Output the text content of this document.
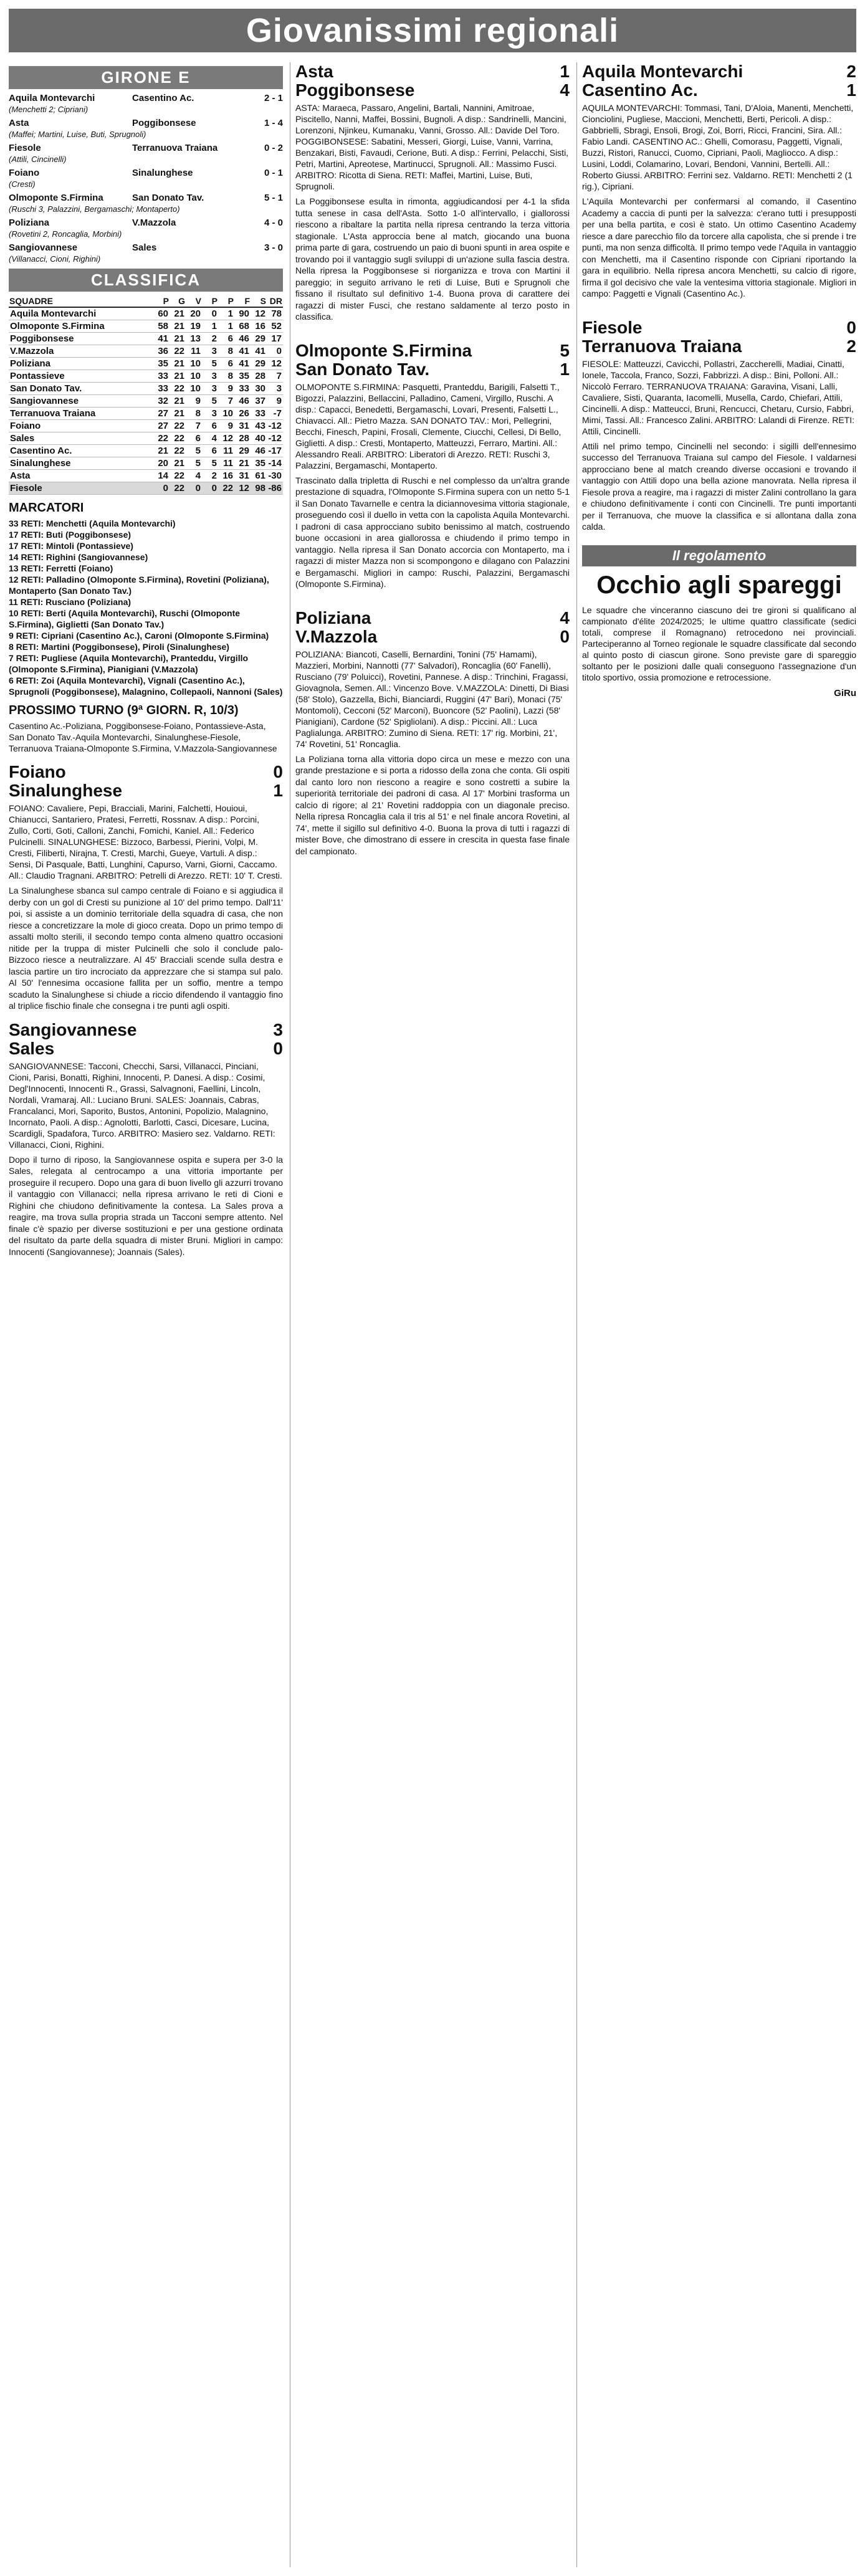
Giovanissimi regionali
GIRONE E
Aquila Montevarchi	Casentino Ac.	2 - 1
(Menchetti 2; Cipriani)
Asta	Poggibonsese	1 - 4
(Maffei; Martini, Luise, Buti, Sprugnoli)
Fiesole	Terranuova Traiana	0 - 2
(Attili, Cincinelli)
Foiano	Sinalunghese	0 - 1
(Cresti)
Olmoponte S.Firmina	San Donato Tav.	5 - 1
(Ruschi 3, Palazzini, Bergamaschi; Montaperto)
Poliziana	V.Mazzola	4 - 0
(Rovetini 2, Roncaglia, Morbini)
Sangiovannese	Sales	3 - 0
(Villanacci, Cioni, Righini)
CLASSIFICA
SQUADRE	P	G	V	P	P	F	S	DR
Aquila Montevarchi	60	21	20	0	1	90	12	78
Olmoponte S.Firmina	58	21	19	1	1	68	16	52
Poggibonsese	41	21	13	2	6	46	29	17
V.Mazzola	36	22	11	3	8	41	41	0
Poliziana	35	21	10	5	6	41	29	12
Pontassieve	33	21	10	3	8	35	28	7
San Donato Tav.	33	22	10	3	9	33	30	3
Sangiovannese	32	21	9	5	7	46	37	9
Terranuova Traiana	27	21	8	3	10	26	33	-7
Foiano	27	22	7	6	9	31	43	-12
Sales	22	22	6	4	12	28	40	-12
Casentino Ac.	21	22	5	6	11	29	46	-17
Sinalunghese	20	21	5	5	11	21	35	-14
Asta	14	22	4	2	16	31	61	-30
Fiesole	0	22	0	0	22	12	98	-86
MARCATORI

33 RETI: Menchetti (Aquila Montevarchi)

17 RETI: Buti (Poggibonsese)

17 RETI: Mintoli (Pontassieve)

14 RETI: Righini (Sangiovannese)

13 RETI: Ferretti (Foiano)

12 RETI: Palladino (Olmoponte S.Firmina), Rovetini (Poliziana), Montaperto (San Donato Tav.)

11 RETI: Rusciano (Poliziana)

10 RETI: Berti (Aquila Montevarchi), Ruschi (Olmoponte S.Firmina), Giglietti (San Donato Tav.)

9 RETI: Cipriani (Casentino Ac.), Caroni (Olmoponte S.Firmina)

8 RETI: Martini (Poggibonsese), Piroli (Sinalunghese)

7 RETI: Pugliese (Aquila Montevarchi), Pranteddu, Virgillo (Olmoponte S.Firmina), Pianigiani (V.Mazzola)

6 RETI: Zoi (Aquila Montevarchi), Vignali (Casentino Ac.), Sprugnoli (Poggibonsese), Malagnino, Collepaoli, Nannoni (Sales)

PROSSIMO TURNO (9ª GIORN. R, 10/3)
Casentino Ac.-Poliziana, Poggibonsese-Foiano, Pontassieve-Asta, San Donato Tav.-Aquila Montevarchi, Sinalunghese-Fiesole, Terranuova Traiana-Olmoponte S.Firmina, V.Mazzola-Sangiovannese
Foiano	0
Sinalunghese	1
FOIANO: Cavaliere, Pepi, Bracciali, Marini, Falchetti, Houioui, Chianucci, Santariero, Pratesi, Ferretti, Rossnav. A disp.: Porcini, Zullo, Corti, Goti, Calloni, Zanchi, Fomichi, Kaniel. All.: Federico Pulcinelli. SINALUNGHESE: Bizzoco, Barbessi, Pierini, Volpi, M. Cresti, Filiberti, Nirajna, T. Cresti, Marchi, Gueye, Vartuli. A disp.: Sensi, Di Pasquale, Batti, Lunghini, Capurso, Varni, Giorni, Caccamo. All.: Claudio Tragnani. ARBITRO: Petrelli di Arezzo. RETI: 10' T. Cresti.
La Sinalunghese sbanca sul campo centrale di Foiano e si aggiudica il derby con un gol di Cresti su punizione al 10' del primo tempo. Dall'11' poi, si assiste a un dominio territoriale della squadra di casa, che non riesce a concretizzare la mole di gioco creata. Dopo un primo tempo di assalti molto sterili, il secondo tempo conta almeno quattro occasioni nitide per la truppa di mister Pulcinelli che solo il conclude palo-Bizzoco riesce a neutralizzare. Al 45' Bracciali scende sulla destra e lascia partire un tiro incrociato da apprezzare che si stampa sul palo. Al 50' l'ennesima occasione fallita per un soffio, mentre a tempo scaduto la Sinalunghese si chiude a riccio difendendo il vantaggio fino al triplice fischio finale che consegna i tre punti agli ospiti.
Sangiovannese	3
Sales	0
SANGIOVANNESE: Tacconi, Checchi, Sarsi, Villanacci, Pinciani, Cioni, Parisi, Bonatti, Righini, Innocenti, P. Danesi. A disp.: Cosimi, Degl'Innocenti, Innocenti R., Grassi, Salvagnoni, Faellini, Lincoln, Nordali, Vramaraj. All.: Luciano Bruni. SALES: Joannais, Cabras, Francalanci, Mori, Saporito, Bustos, Antonini, Popolizio, Malagnino, Incornato, Paoli. A disp.: Agnolotti, Barlotti, Casci, Dicesare, Lucina, Scardigli, Spadafora, Turco. ARBITRO: Masiero sez. Valdarno. RETI: Villanacci, Cioni, Righini.
Dopo il turno di riposo, la Sangiovannese ospita e supera per 3-0 la Sales, relegata al centrocampo a una vittoria importante per proseguire il recupero. Dopo una gara di buon livello gli azzurri trovano il vantaggio con Villanacci; nella ripresa arrivano le reti di Cioni e Righini che chiudono definitivamente la contesa. La Sales prova a reagire, ma trova sulla propria strada un Tacconi sempre attento. Nel finale c'è spazio per diverse sostituzioni e per una gestione ordinata del risultato da parte della squadra di mister Bruni. Migliori in campo: Innocenti (Sangiovannese); Joannais (Sales).
Asta	1
Poggibonsese	4
ASTA: Maraeca, Passaro, Angelini, Bartali, Nannini, Amitroae, Piscitello, Nanni, Maffei, Bossini, Bugnoli. A disp.: Sandrinelli, Mancini, Lorenzoni, Njinkeu, Kumanaku, Vanni, Grosso. All.: Davide Del Toro. POGGIBONSESE: Sabatini, Messeri, Giorgi, Luise, Vanni, Varrina, Benzakari, Bisti, Favaudi, Cerione, Buti. A disp.: Ferrini, Pelacchi, Sisti, Petri, Martini, Apreotese, Martinucci, Sprugnoli. All.: Massimo Fusci. ARBITRO: Ricotta di Siena. RETI: Maffei, Martini, Luise, Buti, Sprugnoli.
La Poggibonsese esulta in rimonta, aggiudicandosi per 4-1 la sfida tutta senese in casa dell'Asta. Sotto 1-0 all'intervallo, i giallorossi riescono a ribaltare la partita nella ripresa centrando la terza vittoria stagionale. L'Asta approccia bene al match, giocando una buona prima parte di gara, costruendo un paio di buoni spunti in area ospite e trovando poi il vantaggio sugli sviluppi di un'azione sulla fascia destra. Nella ripresa la Poggibonsese si riorganizza e trova con Martini il pareggio; in seguito arrivano le reti di Luise, Buti e Sprugnoli che fissano il risultato sul definitivo 1-4. Buona prova di carattere dei ragazzi di mister Fusci, che restano saldamente al terzo posto in classifica.
Olmoponte S.Firmina	5
San Donato Tav.	1
OLMOPONTE S.FIRMINA: Pasquetti, Pranteddu, Barigili, Falsetti T., Bigozzi, Palazzini, Bellaccini, Palladino, Cameni, Virgillo, Ruschi. A disp.: Capacci, Benedetti, Bergamaschi, Lovari, Presenti, Falsetti L., Chiavacci. All.: Pietro Mazza. SAN DONATO TAV.: Mori, Pellegrini, Becchi, Finesch, Papini, Frosali, Clemente, Ciucchi, Cellesi, Di Bello, Giglietti. A disp.: Cresti, Montaperto, Matteuzzi, Ferraro, Martini. All.: Alessandro Reali. ARBITRO: Liberatori di Arezzo. RETI: Ruschi 3, Palazzini, Bergamaschi, Montaperto.
Trascinato dalla tripletta di Ruschi e nel complesso da un'altra grande prestazione di squadra, l'Olmoponte S.Firmina supera con un netto 5-1 il San Donato Tavarnelle e centra la diciannovesima vittoria stagionale, proseguendo così il duello in vetta con la capolista Aquila Montevarchi. I padroni di casa approcciano subito benissimo al match, costruendo buone occasioni in area giallorossa e chiudendo il primo tempo in vantaggio. Nella ripresa il San Donato accorcia con Montaperto, ma i ragazzi di mister Mazza non si scompongono e dilagano con Palazzini e Bergamaschi. Migliori in campo: Ruschi, Palazzini, Bergamaschi (Olmoponte S.Firmina).
Poliziana	4
V.Mazzola	0
POLIZIANA: Biancoti, Caselli, Bernardini, Tonini (75' Hamami), Mazzieri, Morbini, Nannotti (77' Salvadori), Roncaglia (60' Fanelli), Rusciano (79' Poluicci), Rovetini, Pannese. A disp.: Trinchini, Fragassi, Giovagnola, Semen. All.: Vincenzo Bove. V.MAZZOLA: Dinetti, Di Biasi (58' Stolo), Gazzella, Bichi, Bianciardi, Ruggini (47' Bari), Monaci (75' Montomoli), Cecconi (52' Marconi), Buoncore (52' Paolini), Lazzi (58' Pianigiani), Cardone (52' Spigliolani). A disp.: Piccini. All.: Luca Paglialunga. ARBITRO: Zumino di Siena. RETI: 17' rig. Morbini, 21', 74' Rovetini, 51' Roncaglia.
La Poliziana torna alla vittoria dopo circa un mese e mezzo con una grande prestazione e si porta a ridosso della zona che conta. Gli ospiti dal canto loro non riescono a reagire e sono costretti a subire la superiorità territoriale dei padroni di casa. Al 17' Morbini trasforma un calcio di rigore; al 21' Rovetini raddoppia con un diagonale preciso. Nella ripresa Roncaglia cala il tris al 51' e nel finale ancora Rovetini, al 74', mette il sigillo sul definitivo 4-0. Buona la prova di tutti i ragazzi di mister Bove, che dimostrano di essere in crescita in questa fase finale del campionato.
Aquila Montevarchi	2
Casentino Ac.	1
AQUILA MONTEVARCHI: Tommasi, Tani, D'Aloia, Manenti, Menchetti, Cionciolini, Pugliese, Maccioni, Menchetti, Berti, Pericoli. A disp.: Gabbrielli, Sbragi, Ensoli, Brogi, Zoi, Borri, Ricci, Francini, Sira. All.: Fabio Landi. CASENTINO AC.: Ghelli, Comorasu, Paggetti, Vignali, Buzzi, Ristori, Ranucci, Cuomo, Cipriani, Paoli, Magliocco. A disp.: Lusini, Loddi, Colamarino, Lovari, Bendoni, Vannini, Bertelli. All.: Roberto Giussi. ARBITRO: Ferrini sez. Valdarno. RETI: Menchetti 2 (1 rig.), Cipriani.
L'Aquila Montevarchi per confermarsi al comando, il Casentino Academy a caccia di punti per la salvezza: c'erano tutti i presupposti per una bella partita, e così è stato. Un ottimo Casentino Academy riesce a dare parecchio filo da torcere alla capolista, che si prende i tre punti, ma non senza difficoltà. Il primo tempo vede l'Aquila in vantaggio con Menchetti, ma il Casentino risponde con Cipriani riportando la gara in equilibrio. Nella ripresa ancora Menchetti, su calcio di rigore, firma il gol decisivo che vale la ventesima vittoria stagionale. Migliori in campo: Paggetti e Vignali (Casentino Ac.).
Fiesole	0
Terranuova Traiana	2
FIESOLE: Matteuzzi, Cavicchi, Pollastri, Zaccherelli, Madiai, Cinatti, Ionele, Taccola, Franco, Sozzi, Fabbrizzi. A disp.: Bini, Polloni. All.: Niccolò Ferraro. TERRANUOVA TRAIANA: Garavina, Visani, Lalli, Cavaliere, Sisti, Quaranta, Iacomelli, Musella, Cardo, Chiefari, Attili, Cincinelli. A disp.: Matteucci, Bruni, Rencucci, Chetaru, Cursio, Fabbri, Mimi, Tassi. All.: Francesco Zalini. ARBITRO: Lalandi di Firenze. RETI: Attili, Cincinelli.
Attili nel primo tempo, Cincinelli nel secondo: i sigilli dell'ennesimo successo del Terranuova Traiana sul campo del Fiesole. I valdarnesi approcciano bene al match creando diverse occasioni e trovando il vantaggio con Attili dopo una bella azione manovrata. Nella ripresa il Fiesole prova a reagire, ma i ragazzi di mister Zalini controllano la gara e chiudono definitivamente i conti con Cincinelli. Tre punti importanti per il Terranuova, che muove la classifica e si allontana dalla zona calda.
Il regolamento
Occhio agli spareggi
Le squadre che vinceranno ciascuno dei tre gironi si qualificano al campionato d'élite 2024/2025; le ultime quattro classificate (sedici totali, comprese il Romagnano) retrocedono nei provinciali. Parteciperanno al Torneo regionale le squadre classificate dal secondo al quinto posto di ciascun girone. Sono previste gare di spareggio soltanto per le posizioni dalle quali conseguono l'assegnazione d'un titolo sportivo, ossia promozione e retrocessione.
GiRu
